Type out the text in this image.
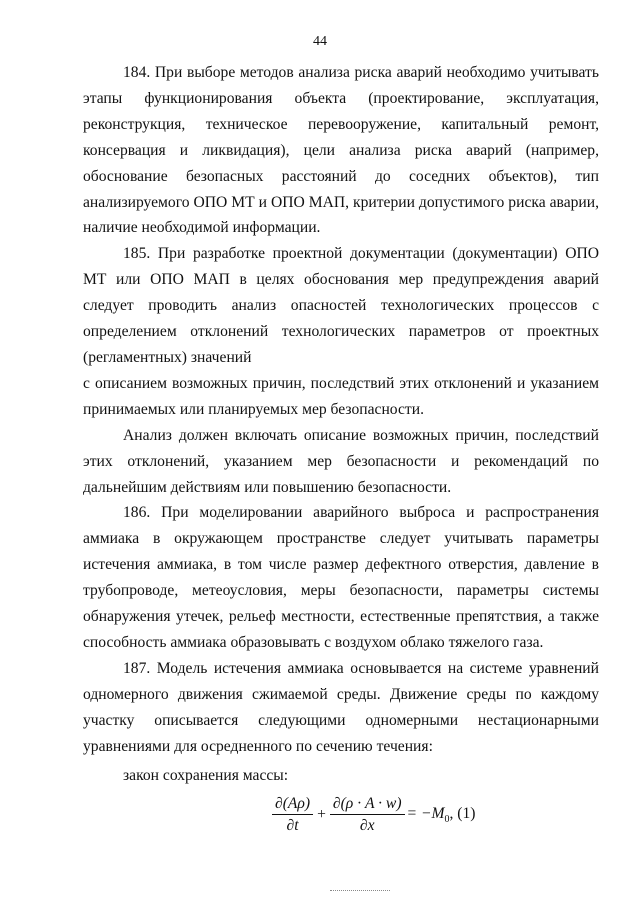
44

184. При выборе методов анализа риска аварий необходимо учитывать этапы функционирования объекта (проектирование, эксплуатация, реконструкция, техническое перевооружение, капитальный ремонт, консервация и ликвидация), цели анализа риска аварий (например, обоснование безопасных расстояний до соседних объектов), тип анализируемого ОПО МТ и ОПО МАП, критерии допустимого риска аварии, наличие необходимой информации.

185. При разработке проектной документации (документации) ОПО МТ или ОПО МАП в целях обоснования мер предупреждения аварий следует проводить анализ опасностей технологических процессов с определением отклонений технологических параметров от проектных (регламентных) значений

с описанием возможных причин, последствий этих отклонений и указанием принимаемых или планируемых мер безопасности.

Анализ должен включать описание возможных причин, последствий этих отклонений, указанием мер безопасности и рекомендаций по дальнейшим действиям или повышению безопасности.

186. При моделировании аварийного выброса и распространения аммиака в окружающем пространстве следует учитывать параметры истечения аммиака, в том числе размер дефектного отверстия, давление в трубопроводе, метеоусловия, меры безопасности, параметры системы обнаружения утечек, рельеф местности, естественные препятствия, а также способность аммиака образовывать с воздухом облако тяжелого газа.

187. Модель истечения аммиака основывается на системе уравнений одномерного движения сжимаемой среды. Движение среды по каждому участку описывается следующими одномерными нестационарными уравнениями для осредненного по сечению течения:

закон сохранения массы:

$\frac{\partial(A\rho)}{\partial t} + \frac{\partial(\rho \cdot A \cdot w)}{\partial x} = -M_0$, (1)
